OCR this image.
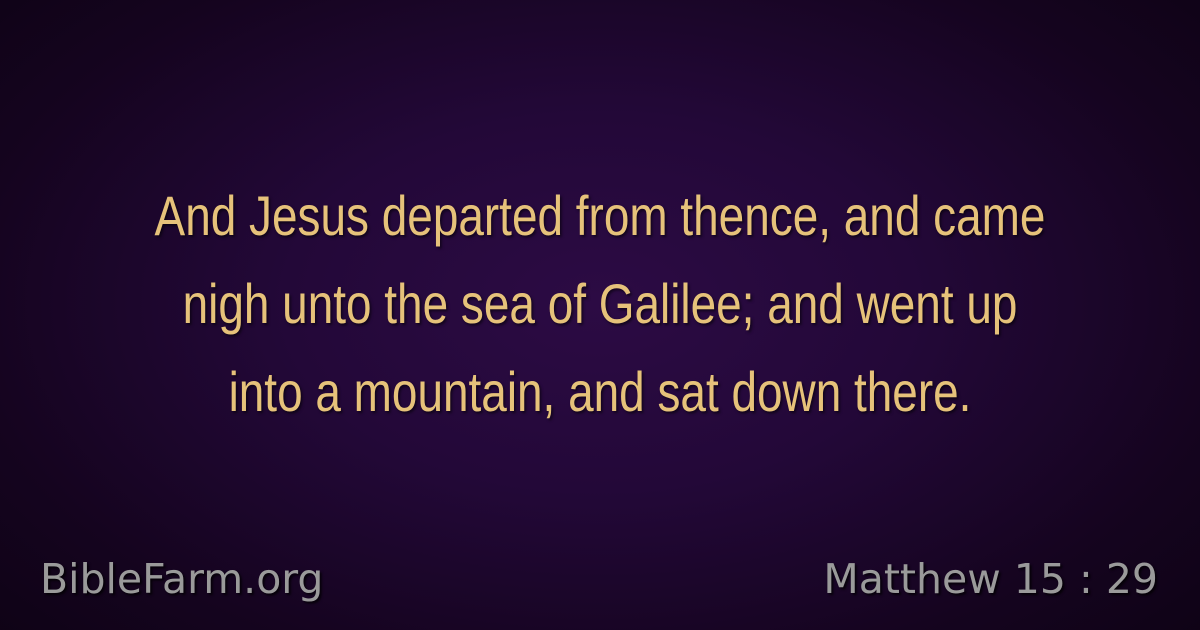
And Jesus departed from thence, and came
nigh unto the sea of Galilee; and went up
into a mountain, and sat down there.
BibleFarm.org	Matthew 15 : 29
